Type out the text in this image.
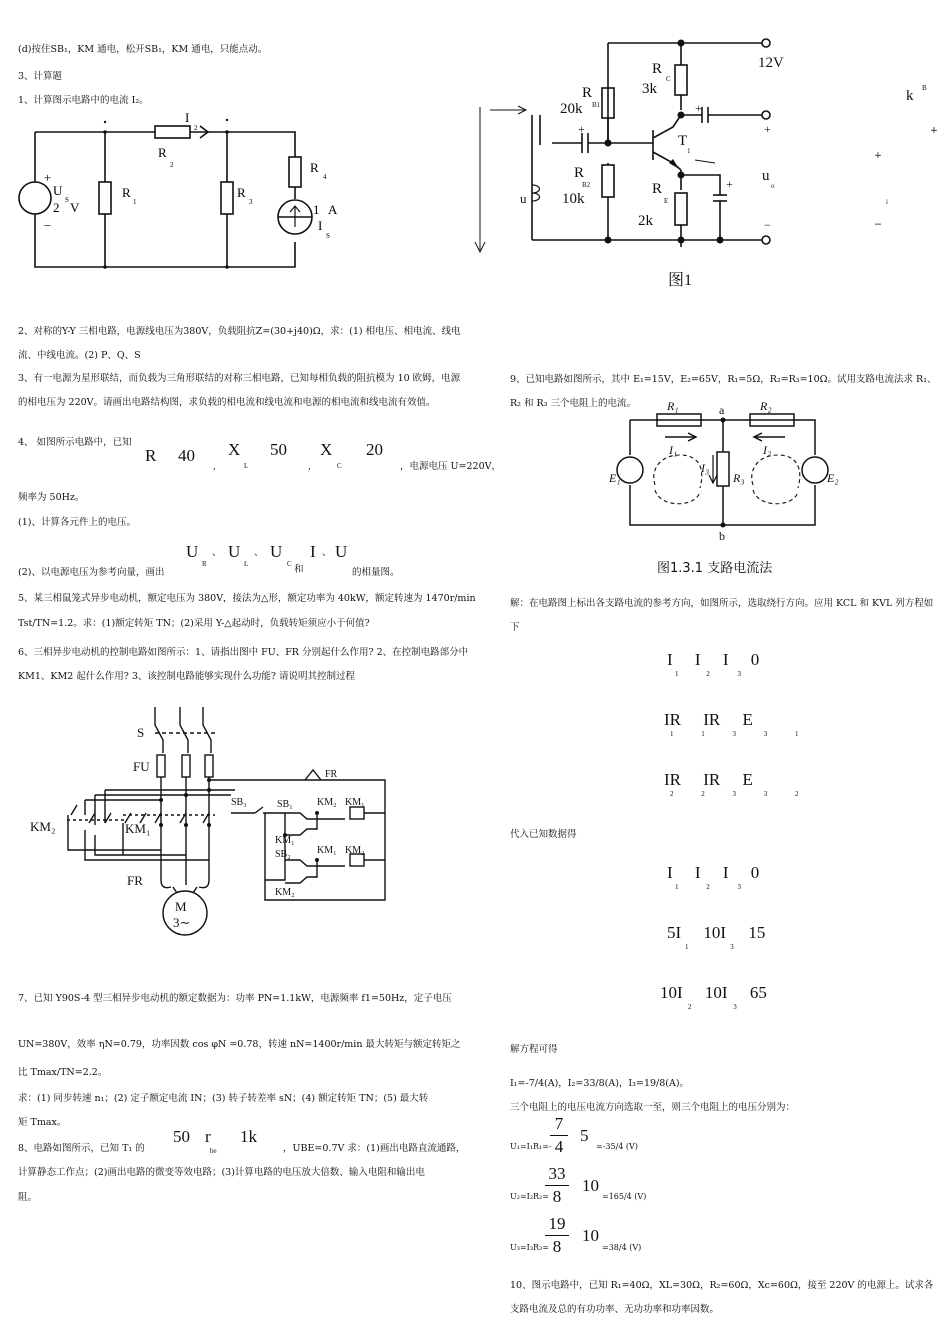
(d)按住SB₁，KM 通电，松开SB₁，KM 通电，只能点动。
3、计算题
1、计算图示电路中的电流 I₂。
+
−
U
S
2 V
R
1
R
2
I
2
R
3
R
4
1 A
I
S
2、对称的Y-Y 三相电路，电源线电压为380V，负载阻抗Z=(30+j40)Ω，求：(1) 相电压、相电流、线电流、中线电流。(2) P、Q、S
3、有一电源为星形联结，而负载为三角形联结的对称三相电路，已知每相负载的阻抗模为 10 欧姆，电源的相电压为 220V。请画出电路结构图，求负载的相电流和线电流和电源的相电流和线电流有效值。
4、 如图所示电路中，已知
R 40
,
X
L
50
,
X
C
20
，电源电压 U=220V，
频率为 50Hz。
(1)、计算各元件上的电压。
(2)、以电源电压为参考向量，画出
U
R
、 U
L
、 U
C 和
I 、 U
的相量图。
5、某三相鼠笼式异步电动机，额定电压为 380V，接法为△形，额定功率为 40kW，额定转速为 1470r/min
Tst/TN=1.2。求：(1)额定转矩 TN；(2)采用 Y-△起动时，负载转矩须应小于何值?
6、三相异步电动机的控制电路如图所示：1、请指出图中 FU、FR 分别起什么作用? 2、在控制电路部分中 KM1、KM2 起什么作用? 3、该控制电路能够实现什么功能? 请说明其控制过程
S
FU
KM₂	KM₁
FR
M
3∼
FR
SB₃	SB₁ KM₂ KM₁
KM₁
SB₂	KM₁ KM₂
KM₂
7、已知 Y90S-4 型三相异步电动机的额定数据为：功率 PN=1.1kW，电源频率 f1=50Hz，定子电压
UN=380V，效率 ηN=0.79，功率因数 cos φN =0.78，转速 nN=1400r/min 最大转矩与额定转矩之
比 Tmax/TN=2.2。
求：(1) 同步转速 n₁；(2) 定子额定电流 IN；(3) 转子转差率 sN；(4) 额定转矩 TN；(5) 最大转
矩 Tmax。
8、电路如图所示，已知 T₁ 的
50 r
be
1k
，UBE=0.7V 求：(1)画出电路直流通路，
计算静态工作点；(2)画出电路的微变等效电路；(3)计算电路的电压放大倍数、输入电阻和输出电
阻。
12V
R
C
3k
R
B1
20k
R
B2
10k
T
1
R
E
2k
u
o
+
−
+
+
+
u
图1
k B
+
+
i
−
9、已知电路如图所示，其中 E₁=15V，E₂=65V，R₁=5Ω，R₂=R₃=10Ω。试用支路电流法求 R₁、R₂ 和 R₃ 三个电阻上的电流。	R₁	R₂
I₁	I₂
I₃
R₃
E₁	E₂
a
b
图1.3.1 支路电流法
解：在电路图上标出各支路电流的参考方向，如图所示，选取绕行方向。应用 KCL 和 KVL 列方程如下
I I I 0
1	2	3
IR IR E
1 1	3 3	1
IR IR E
2 2	3 3	2
代入已知数据得
I I I 0
1	2	3
5I 10I 15
1	3
10I 10I 65
2	3
解方程可得
I₁=-7/4(A)，I₂=33/8(A)，I₃=19/8(A)。
三个电阻上的电压电流方向选取一至，则三个电阻上的电压分别为：
U₁=I₁R₁=-
7
4
5
=-35/4 (V)
U₂=I₂R₂=
33
8
10
=165/4 (V)
U₃=I₃R₃=
19
8
10
=38/4 (V)
10、图示电路中，已知 R₁=40Ω，XL=30Ω，R₂=60Ω，Xc=60Ω，接至 220V 的电源上。试求各支路电流及总的有功功率、无功功率和功率因数。
